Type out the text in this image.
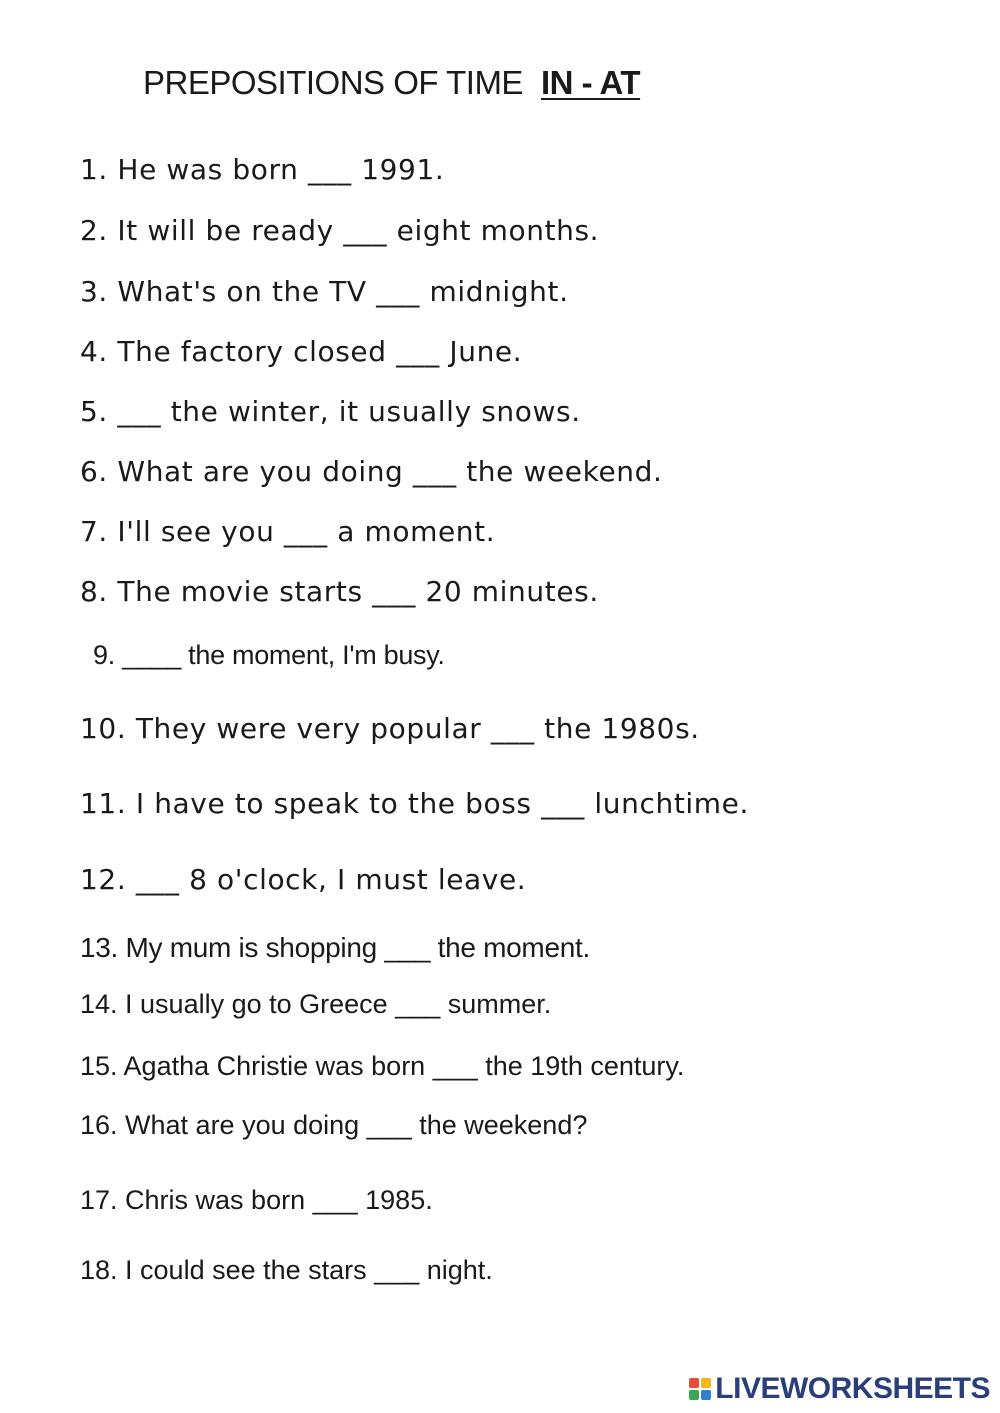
PREPOSITIONS OF TIME IN - AT
1. He was born ___ 1991.
2. It will be ready ___ eight months.
3. What's on the TV ___ midnight.
4. The factory closed ___ June.
5. ___ the winter, it usually snows.
6. What are you doing ___ the weekend.
7. I'll see you ___ a moment.
8. The movie starts ___ 20 minutes.
9. ____ the moment, I'm busy.
10. They were very popular ___ the 1980s.
11. I have to speak to the boss ___ lunchtime.
12. ___ 8 o'clock, I must leave.
13. My mum is shopping ___ the moment.
14. I usually go to Greece ___ summer.
15. Agatha Christie was born ___ the 19th century.
16. What are you doing ___ the weekend?
17. Chris was born ___ 1985.
18. I could see the stars ___ night.
LIVEWORKSHEETS
